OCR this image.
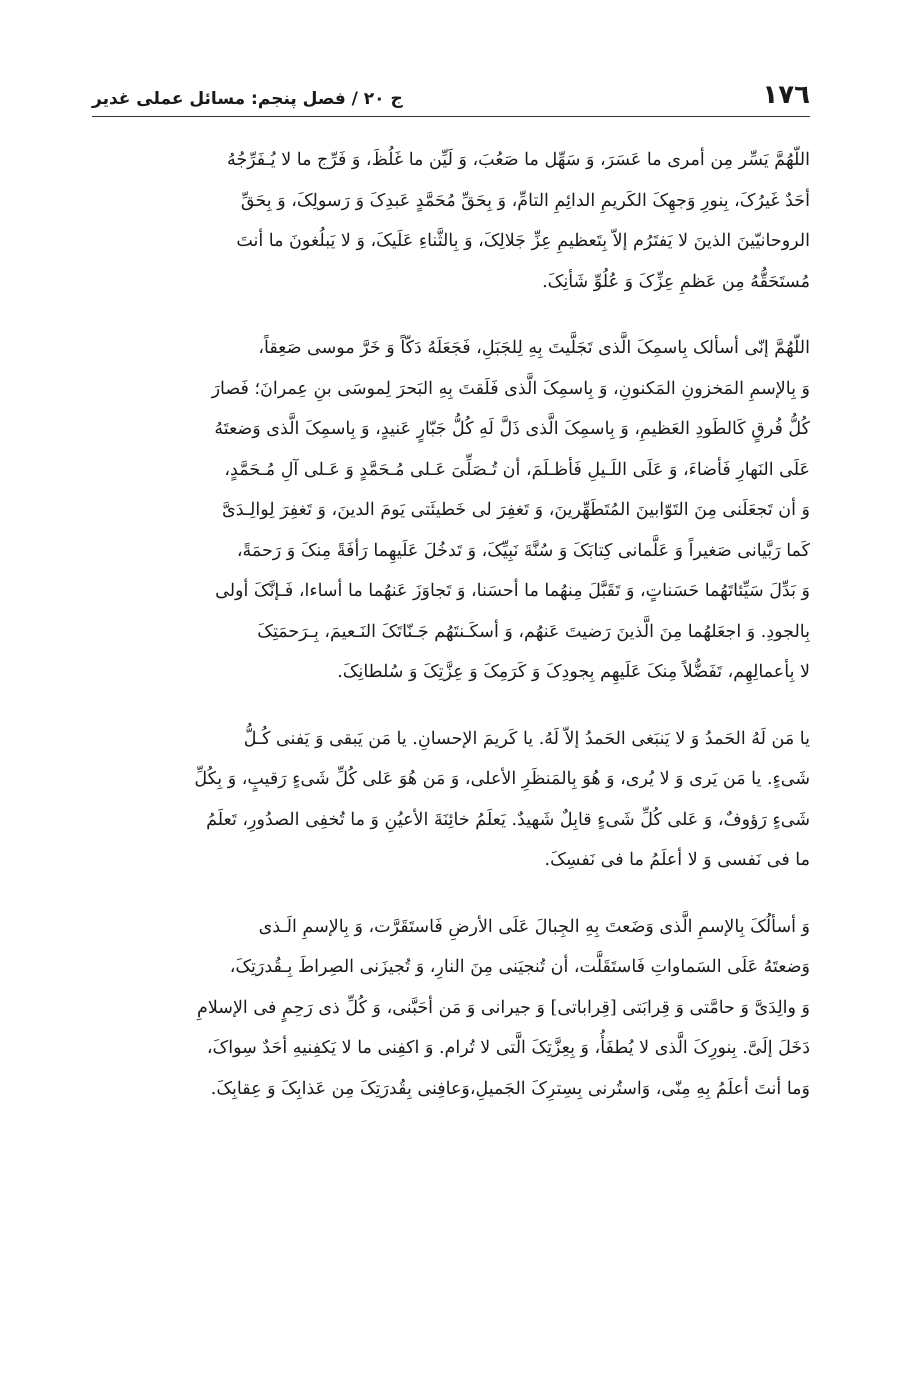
١٧٦
ج ٢٠ / فصل پنجم: مسائل عملی غدیر

اللّهُمَّ يَسِّر مِن أمرى ما عَسَرَ، وَ سَهِّل ما صَعُبَ، وَ لَيِّن ما غَلُظَ، وَ فَرِّج ما لا يُـفَرِّجُهُ
أحَدٌ غَيرُکَ، بِنورِ وَجهِکَ الکَريمِ الدائِمِ التامِّ، وَ بِحَقِّ مُحَمَّدٍ عَبدِکَ وَ رَسولِکَ، وَ بِحَقِّ
الروحانيّينَ الذينَ لا يَفتَرُم إلاّ بِتَعظيمِ عِزِّ جَلالِکَ، وَ بِالثَّناءِ عَلَيکَ، وَ لا يَبلُغونَ ما أنتَ
مُستَحَقُّهُ مِن عَظمِ عِزِّکَ وَ عُلُوِّ شَأنِکَ.

اللّهُمَّ إنّى أسألک بِاسمِکَ الَّذى تَجَلَّيتَ بِهِ لِلجَبَلِ، فَجَعَلَهُ دَکّاً وَ خَرَّ موسى صَعِقاً،
وَ بِالإسمِ المَخزونِ المَکنونِ، وَ بِاسمِکَ الَّذى فَلَقتَ بِهِ البَحرَ لِموسَى بنِ عِمرانَ؛ فَصارَ
کُلُّ فُرقٍ کَالطَودِ العَظيمِ، وَ بِاسمِکَ الَّذى ذَلَّ لَهِ کُلُّ جَبّارٍ عَنيدٍ، وَ بِاسمِکَ الَّذى وَضعتَهُ
عَلَى النَهارِ فَأضاءَ، وَ عَلَى اللَـيلِ فَأظـلَمَ، أن تُـصَلِّىَ عَـلى مُـحَمَّدٍ وَ عَـلى آلِ مُـحَمَّدٍ،
وَ أن تَجعَلَنى مِنَ التَوّابينَ المُتَطَهِّرينَ، وَ تَغفِرَ لى خَطيئَتى يَومَ الدينَ، وَ تَغفِرَ لِوالِـدَىَّ
کَما رَبَّيانى صَغيراً وَ عَلَّمانى کِتابَکَ وَ سُنَّةَ نَبِيِّکَ، وَ تَدخُلَ عَلَيهِما رَأفَةً مِنکَ وَ رَحمَةً،
وَ بَدِّلَ سَيِّئاتَهُما حَسَناتٍ، وَ تَقَبَّلَ مِنهُما ما أحسَنا، وَ تَجاوَزَ عَنهُما ما أساءا، فَـإنَّکَ أولى
بِالجودِ. وَ اجعَلهُما مِنَ الَّذينَ رَضيتَ عَنهُم، وَ أسکَـنتَهُم جَـنّاتَکَ النَـعيمَ، بِـرَحمَتِکَ
لا بِأعمالِهِم، تَفَضُّلاً مِنکَ عَلَيهِم بِجودِکَ وَ کَرَمِکَ وَ عِزَّتِکَ وَ سُلطانِکَ.

يا مَن لَهُ الحَمدُ وَ لا يَنبَغى الحَمدُ إلاّ لَهُ. يا کَريمَ الإحسانِ. يا مَن يَبقى وَ يَفنى کُـلُّ
شَیءٍ. يا مَن يَرى وَ لا يُرى، وَ هُوَ بِالمَنظَرِ الأعلى، وَ مَن هُوَ عَلى کُلِّ شَیءٍ رَقيبٍ، وَ بِکُلِّ
شَیءٍ رَؤوفٌ، وَ عَلى کُلِّ شَیءٍ قابِلٌ شَهيدٌ. يَعلَمُ خائِنَةَ الأعيُنِ وَ ما تُخفِى الصدُورِ، تَعلَمُ
ما فى نَفسى وَ لا أعلَمُ ما فى نَفسِکَ.

وَ أسألُکَ بِالإسمِ الَّذى وَضَعتَ بِهِ الجِبالَ عَلَى الأرضِ فَاستَقَرَّت، وَ بِالإسمِ الَـذى
وَضعتَهُ عَلَى السَماواتِ فَاستَقَلَّت، أن تُنجيَنى مِنَ النارِ، وَ تُجيزَنى الصِراطَ بِـقُدرَتِکَ،
وَ والِدَىَّ وَ حامَّتى وَ قِرابَتى [قِراباتى] وَ جيرانى وَ مَن أحَبَّنى، وَ کُلِّ ذى رَحِمٍ فى الإسلامِ
دَخَلَ إلَیَّ. بِنورِکَ الَّذى لا يُطفَأُ، وَ بِعِزَّتِکَ الَّتى لا تُرام. وَ اکفِنى ما لا يَکفِنيهِ أحَدٌ سِواکَ،
وَما أنتَ أعلَمُ بِهِ مِنّى، وَاستُرنى بِسِترِکَ الجَميلِ،وَعافِنى بِقُدرَتِکَ مِن عَذابِکَ وَ عِقابِکَ.
